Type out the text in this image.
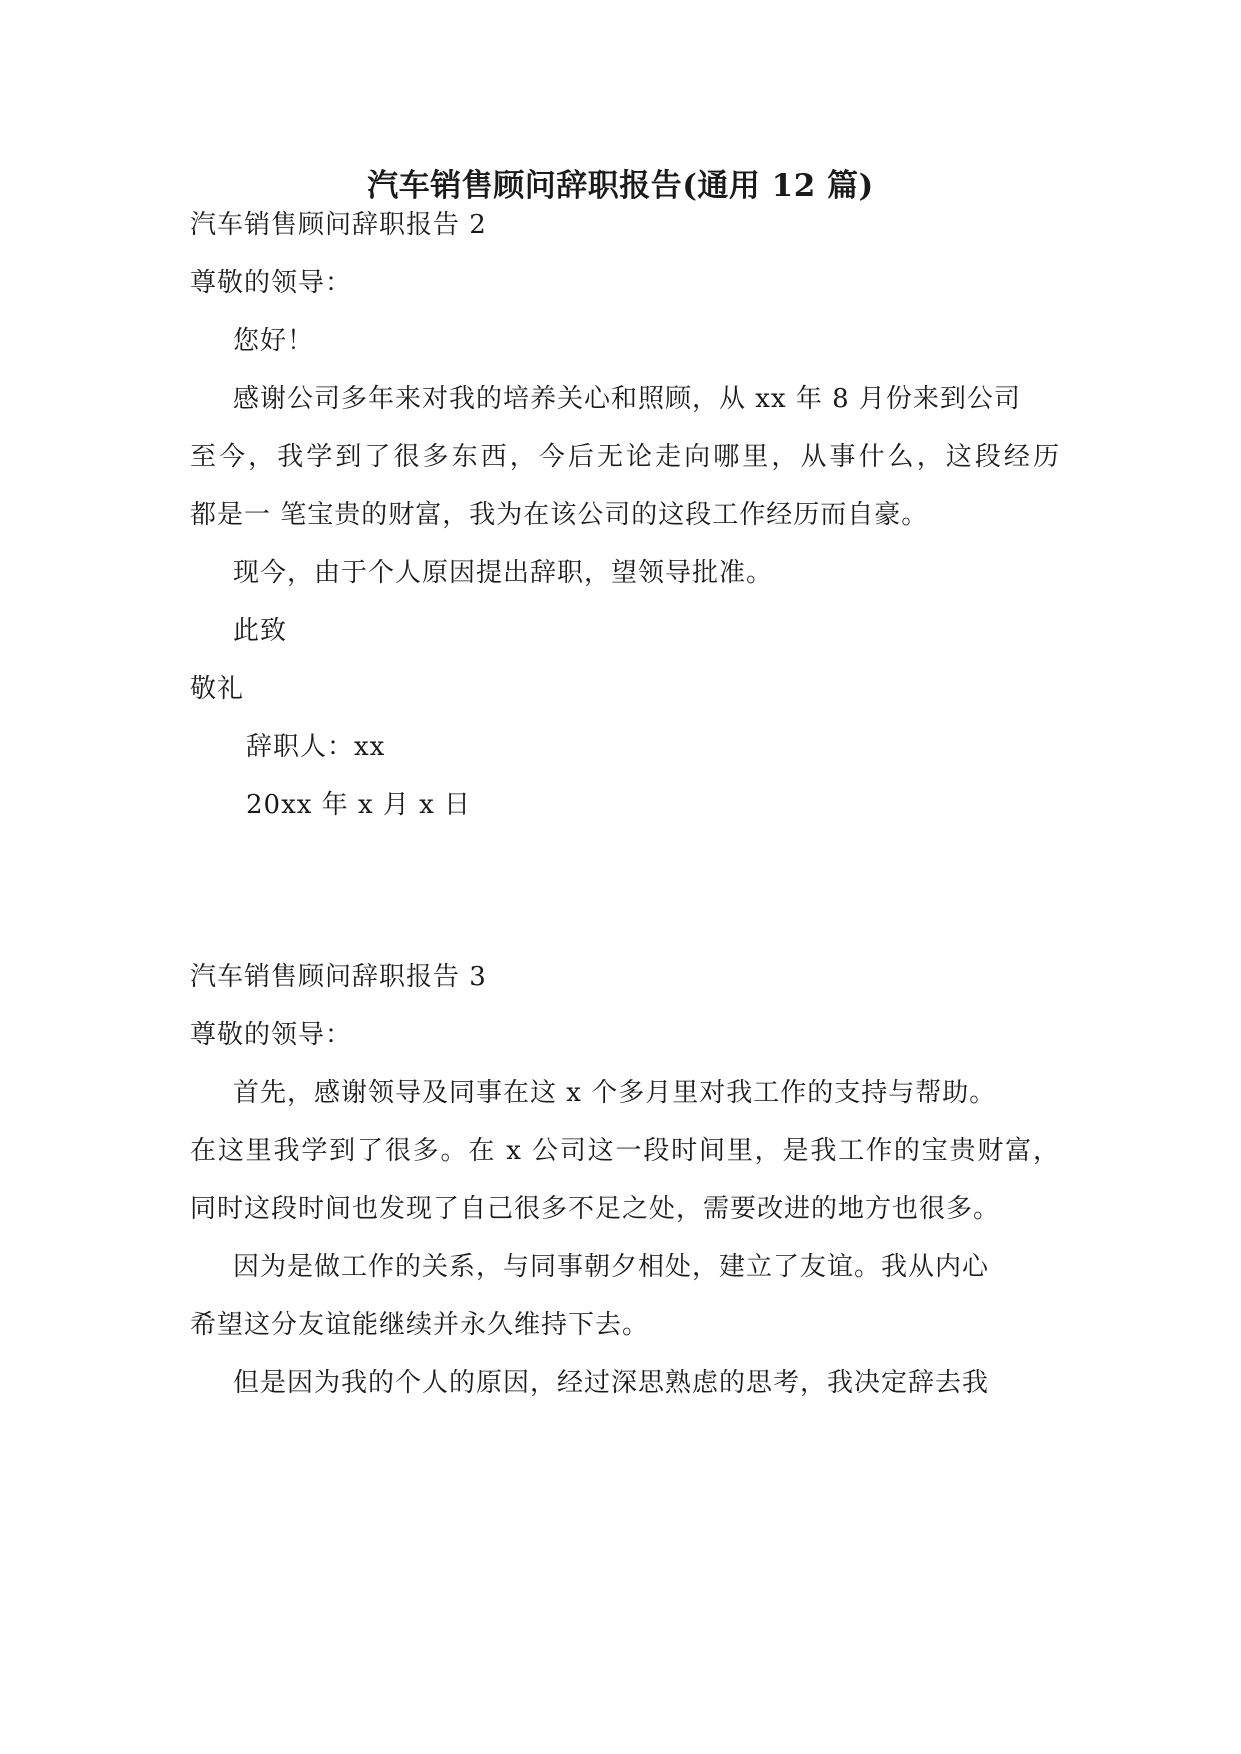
汽车销售顾问辞职报告(通用 12 篇)
汽车销售顾问辞职报告 2
尊敬的领导：
您好！
感谢公司多年来对我的培养关心和照顾，从 xx 年 8 月份来到公司
至今，我学到了很多东西，今后无论走向哪里，从事什么，这段经历
都是一 笔宝贵的财富，我为在该公司的这段工作经历而自豪。
现今，由于个人原因提出辞职，望领导批准。
此致
敬礼
辞职人：xx
20xx 年 x 月 x 日
汽车销售顾问辞职报告 3
尊敬的领导：
首先，感谢领导及同事在这 x 个多月里对我工作的支持与帮助。
在这里我学到了很多。在 x 公司这一段时间里，是我工作的宝贵财富，
同时这段时间也发现了自己很多不足之处，需要改进的地方也很多。
因为是做工作的关系，与同事朝夕相处，建立了友谊。我从内心
希望这分友谊能继续并永久维持下去。
但是因为我的个人的原因，经过深思熟虑的思考，我决定辞去我
